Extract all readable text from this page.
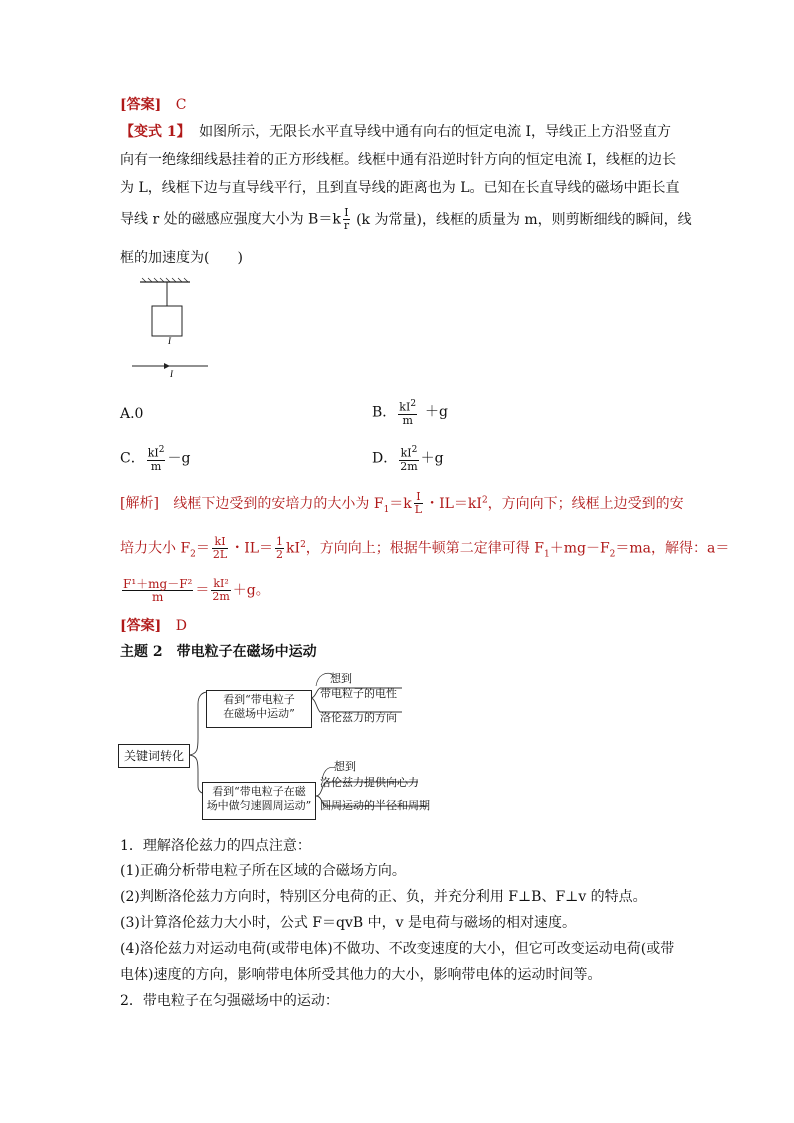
[答案] C
【变式 1】 如图所示，无限长水平直导线中通有向右的恒定电流 I，导线正上方沿竖直方
向有一绝缘细线悬挂着的正方形线框。线框中通有沿逆时针方向的恒定电流 I，线框的边长
为 L，线框下边与直导线平行，且到直导线的距离也为 L。已知在长直导线的磁场中距长直
导线 r 处的磁感应强度大小为 $B=k \frac{I}{r} (k$ 为常量)，线框的质量为 m，则剪断细线的瞬间，线
框的加速度为(　　)
I
I
A.0	B． $\frac{kI^2}{m} +g$
C． $\frac{kI^2}{m} -g$	D． $\frac{kI^2}{2m} +g$
[解析] 线框下边受到的安培力的大小为 $F_1=k \frac{I}{L}$ ・$IL=kI^2$，方向向下；线框上边受到的安
培力大小 $F_2= \frac{kI}{2L}$ ・$IL= \frac{1}{2} kI^2$，方向向上；根据牛顿第二定律可得 $F_1+mg-F_2=ma$，解得：a＝
$\frac{\text{F¹＋mg－F²}}{m} = \frac{\text{kI²}}{2m} +g$。
[答案] D
主题 2　带电粒子在磁场中运动
关键词转化
看到“带电粒子
在磁场中运动”
想到
带电粒子的电性
洛伦兹力的方向
看到“带电粒子在磁
场中做匀速圆周运动”
想到
洛伦兹力提供向心力
圆周运动的半径和周期
1．理解洛伦兹力的四点注意：
(1)正确分析带电粒子所在区域的合磁场方向。
(2)判断洛伦兹力方向时，特别区分电荷的正、负，并充分利用 F⊥B、F⊥v 的特点。
(3)计算洛伦兹力大小时，公式 F＝qvB 中，v 是电荷与磁场的相对速度。
(4)洛伦兹力对运动电荷(或带电体)不做功、不改变速度的大小，但它可改变运动电荷(或带
电体)速度的方向，影响带电体所受其他力的大小，影响带电体的运动时间等。
2．带电粒子在匀强磁场中的运动：
